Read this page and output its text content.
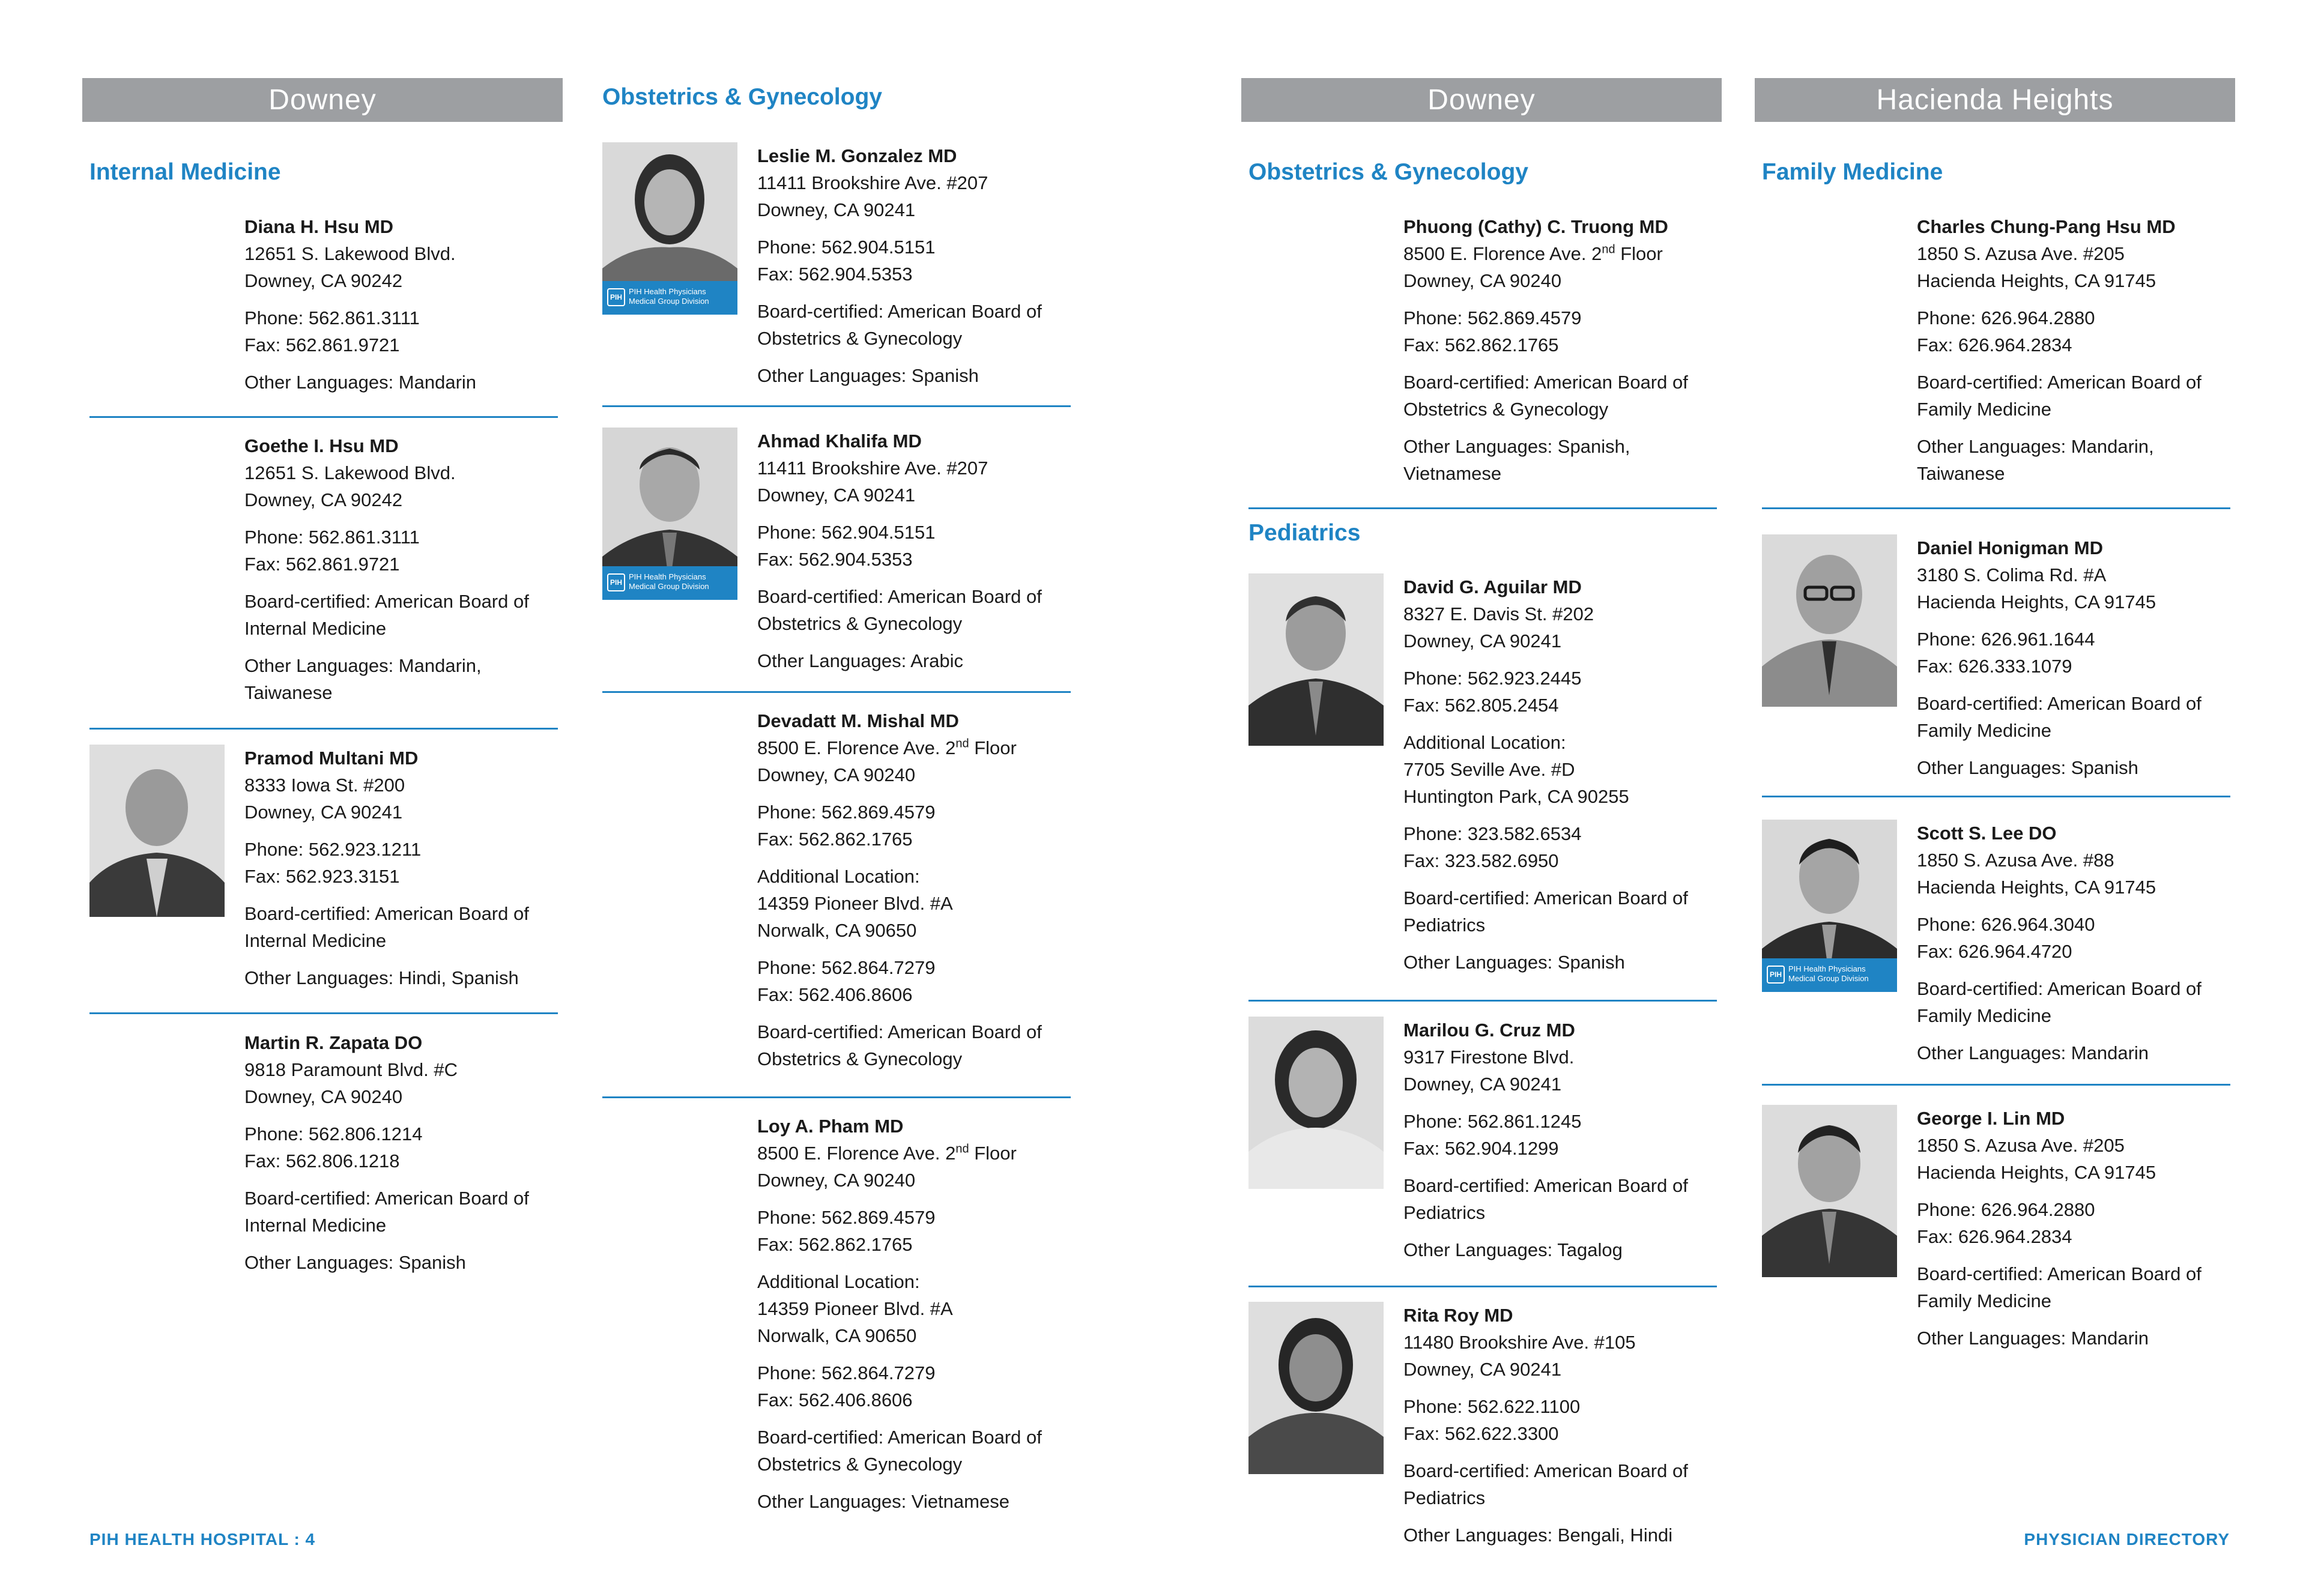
Downey
Internal Medicine
Diana H. Hsu MD
12651 S. Lakewood Blvd.
Downey, CA 90242
Phone: 562.861.3111
Fax: 562.861.9721
Other Languages: Mandarin
Goethe I. Hsu MD
12651 S. Lakewood Blvd.
Downey, CA 90242
Phone: 562.861.3111
Fax: 562.861.9721
Board-certified: American Board of
Internal Medicine
Other Languages: Mandarin,
Taiwanese
Pramod Multani MD
8333 Iowa St. #200
Downey, CA 90241
Phone: 562.923.1211
Fax: 562.923.3151
Board-certified: American Board of
Internal Medicine
Other Languages: Hindi, Spanish
Martin R. Zapata DO
9818 Paramount Blvd. #C
Downey, CA 90240
Phone: 562.806.1214
Fax: 562.806.1218
Board-certified: American Board of
Internal Medicine
Other Languages: Spanish
Obstetrics & Gynecology
PIH
PIH Health Physicians
Medical Group Division
Leslie M. Gonzalez MD
11411 Brookshire Ave. #207
Downey, CA 90241
Phone: 562.904.5151
Fax: 562.904.5353
Board-certified: American Board of
Obstetrics & Gynecology
Other Languages: Spanish
PIH
PIH Health Physicians
Medical Group Division
Ahmad Khalifa MD
11411 Brookshire Ave. #207
Downey, CA 90241
Phone: 562.904.5151
Fax: 562.904.5353
Board-certified: American Board of
Obstetrics & Gynecology
Other Languages: Arabic
Devadatt M. Mishal MD
8500 E. Florence Ave. 2nd Floor
Downey, CA 90240
Phone: 562.869.4579
Fax: 562.862.1765
Additional Location:
14359 Pioneer Blvd. #A
Norwalk, CA 90650
Phone: 562.864.7279
Fax: 562.406.8606
Board-certified: American Board of
Obstetrics & Gynecology
Loy A. Pham MD
8500 E. Florence Ave. 2nd Floor
Downey, CA 90240
Phone: 562.869.4579
Fax: 562.862.1765
Additional Location:
14359 Pioneer Blvd. #A
Norwalk, CA 90650
Phone: 562.864.7279
Fax: 562.406.8606
Board-certified: American Board of
Obstetrics & Gynecology
Other Languages: Vietnamese
Downey
Obstetrics & Gynecology
Phuong (Cathy) C. Truong MD
8500 E. Florence Ave. 2nd Floor
Downey, CA 90240
Phone: 562.869.4579
Fax: 562.862.1765
Board-certified: American Board of
Obstetrics & Gynecology
Other Languages: Spanish,
Vietnamese
Pediatrics
David G. Aguilar MD
8327 E. Davis St. #202
Downey, CA 90241
Phone: 562.923.2445
Fax: 562.805.2454
Additional Location:
7705 Seville Ave. #D
Huntington Park, CA 90255
Phone: 323.582.6534
Fax: 323.582.6950
Board-certified: American Board of
Pediatrics
Other Languages: Spanish
Marilou G. Cruz MD
9317 Firestone Blvd.
Downey, CA 90241
Phone: 562.861.1245
Fax: 562.904.1299
Board-certified: American Board of
Pediatrics
Other Languages: Tagalog
Rita Roy MD
11480 Brookshire Ave. #105
Downey, CA 90241
Phone: 562.622.1100
Fax: 562.622.3300
Board-certified: American Board of
Pediatrics
Other Languages: Bengali, Hindi
Hacienda Heights
Family Medicine
Charles Chung-Pang Hsu MD
1850 S. Azusa Ave. #205
Hacienda Heights, CA 91745
Phone: 626.964.2880
Fax: 626.964.2834
Board-certified: American Board of
Family Medicine
Other Languages: Mandarin,
Taiwanese
Daniel Honigman MD
3180 S. Colima Rd. #A
Hacienda Heights, CA 91745
Phone: 626.961.1644
Fax: 626.333.1079
Board-certified: American Board of
Family Medicine
Other Languages: Spanish
PIH
PIH Health Physicians
Medical Group Division
Scott S. Lee DO
1850 S. Azusa Ave. #88
Hacienda Heights, CA 91745
Phone: 626.964.3040
Fax: 626.964.4720
Board-certified: American Board of
Family Medicine
Other Languages: Mandarin
George I. Lin MD
1850 S. Azusa Ave. #205
Hacienda Heights, CA 91745
Phone: 626.964.2880
Fax: 626.964.2834
Board-certified: American Board of
Family Medicine
Other Languages: Mandarin
PIH HEALTH HOSPITAL : 4	PHYSICIAN DIRECTORY
